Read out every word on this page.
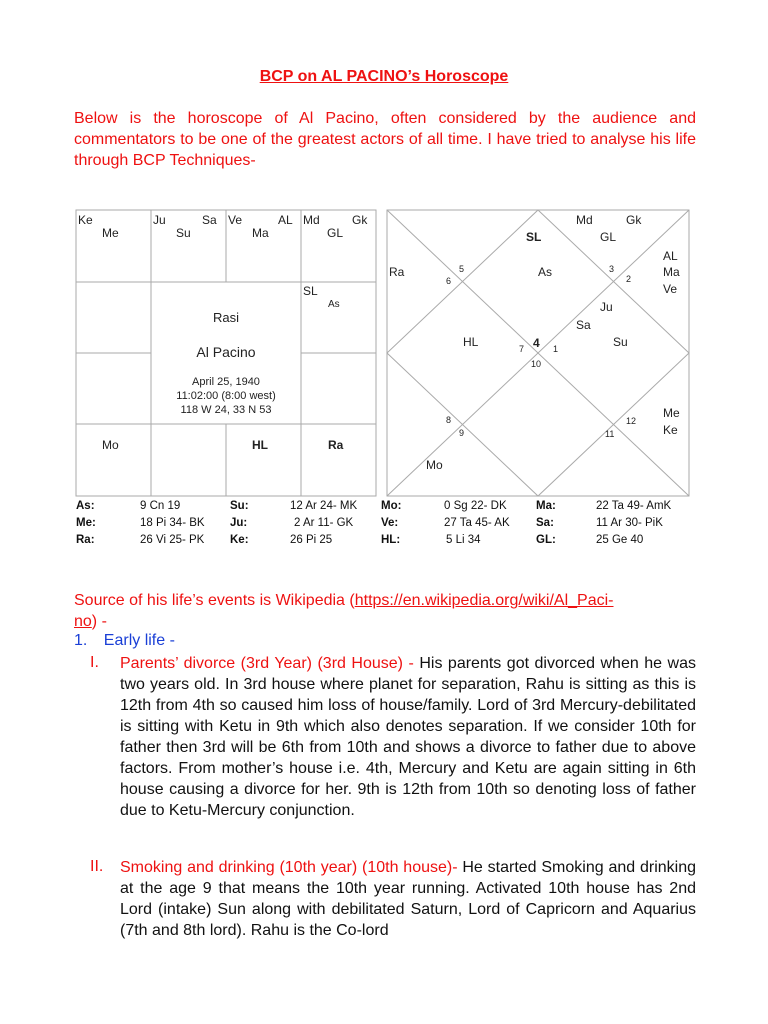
BCP on AL PACINO’s Horoscope
Below is the horoscope of Al Pacino, often considered by the audience and commentators to be one of the greatest actors of all time. I have tried to analyse his life through BCP Techniques-
Ke
Me
Ju	Sa
Su
Ve	AL
Ma
Md	Gk
GL
SL
As
Mo	HL	Ra
Rasi
Al Pacino
April 25, 1940
11:02:00 (8:00 west)
118 W 24, 33 N 53
Md	Gk
SL	GL
Ra	As
AL
Ma
Ve
Ju
Sa
Su
HL
Me
Ke
Mo
6
5	3
2
7 4 1
10
8
9
12
11
As:	9 Cn 19	Su:	12 Ar 24- MK Mo:	0 Sg 22- DK	Ma:	22 Ta 49- AmK
Me:	18 Pi 34- BK Ju:	2 Ar 11- GK Ve:	27 Ta 45- AK Sa:	11 Ar 30- PiK
Ra:	26 Vi 25- PK Ke:	26 Pi 25	HL:	5 Li 34	GL:	25 Ge 40
Source of his life’s events is Wikipedia (https://en.wikipedia.org/wiki/Al_Paci-
no) -
1. Early life -
I. Parents’ divorce (3rd Year) (3rd House) - His parents got divorced when he was two years old. In 3rd house where planet for separation, Rahu is sitting as this is 12th from 4th so caused him loss of house/family. Lord of 3rd Mercury-debilitated is sitting with Ketu in 9th which also denotes separation. If we consider 10th for father then 3rd will be 6th from 10th and shows a divorce to father due to above factors. From mother’s house i.e. 4th, Mercury and Ketu are again sitting in 6th house causing a divorce for her. 9th is 12th from 10th so denoting loss of father due to Ketu-Mercury conjunction.
II. Smoking and drinking (10th year) (10th house)- He started Smoking and drinking at the age 9 that means the 10th year running. Activated 10th house has 2nd Lord (intake) Sun along with debilitated Saturn, Lord of Capricorn and Aquarius (7th and 8th lord). Rahu is the Co-lord
